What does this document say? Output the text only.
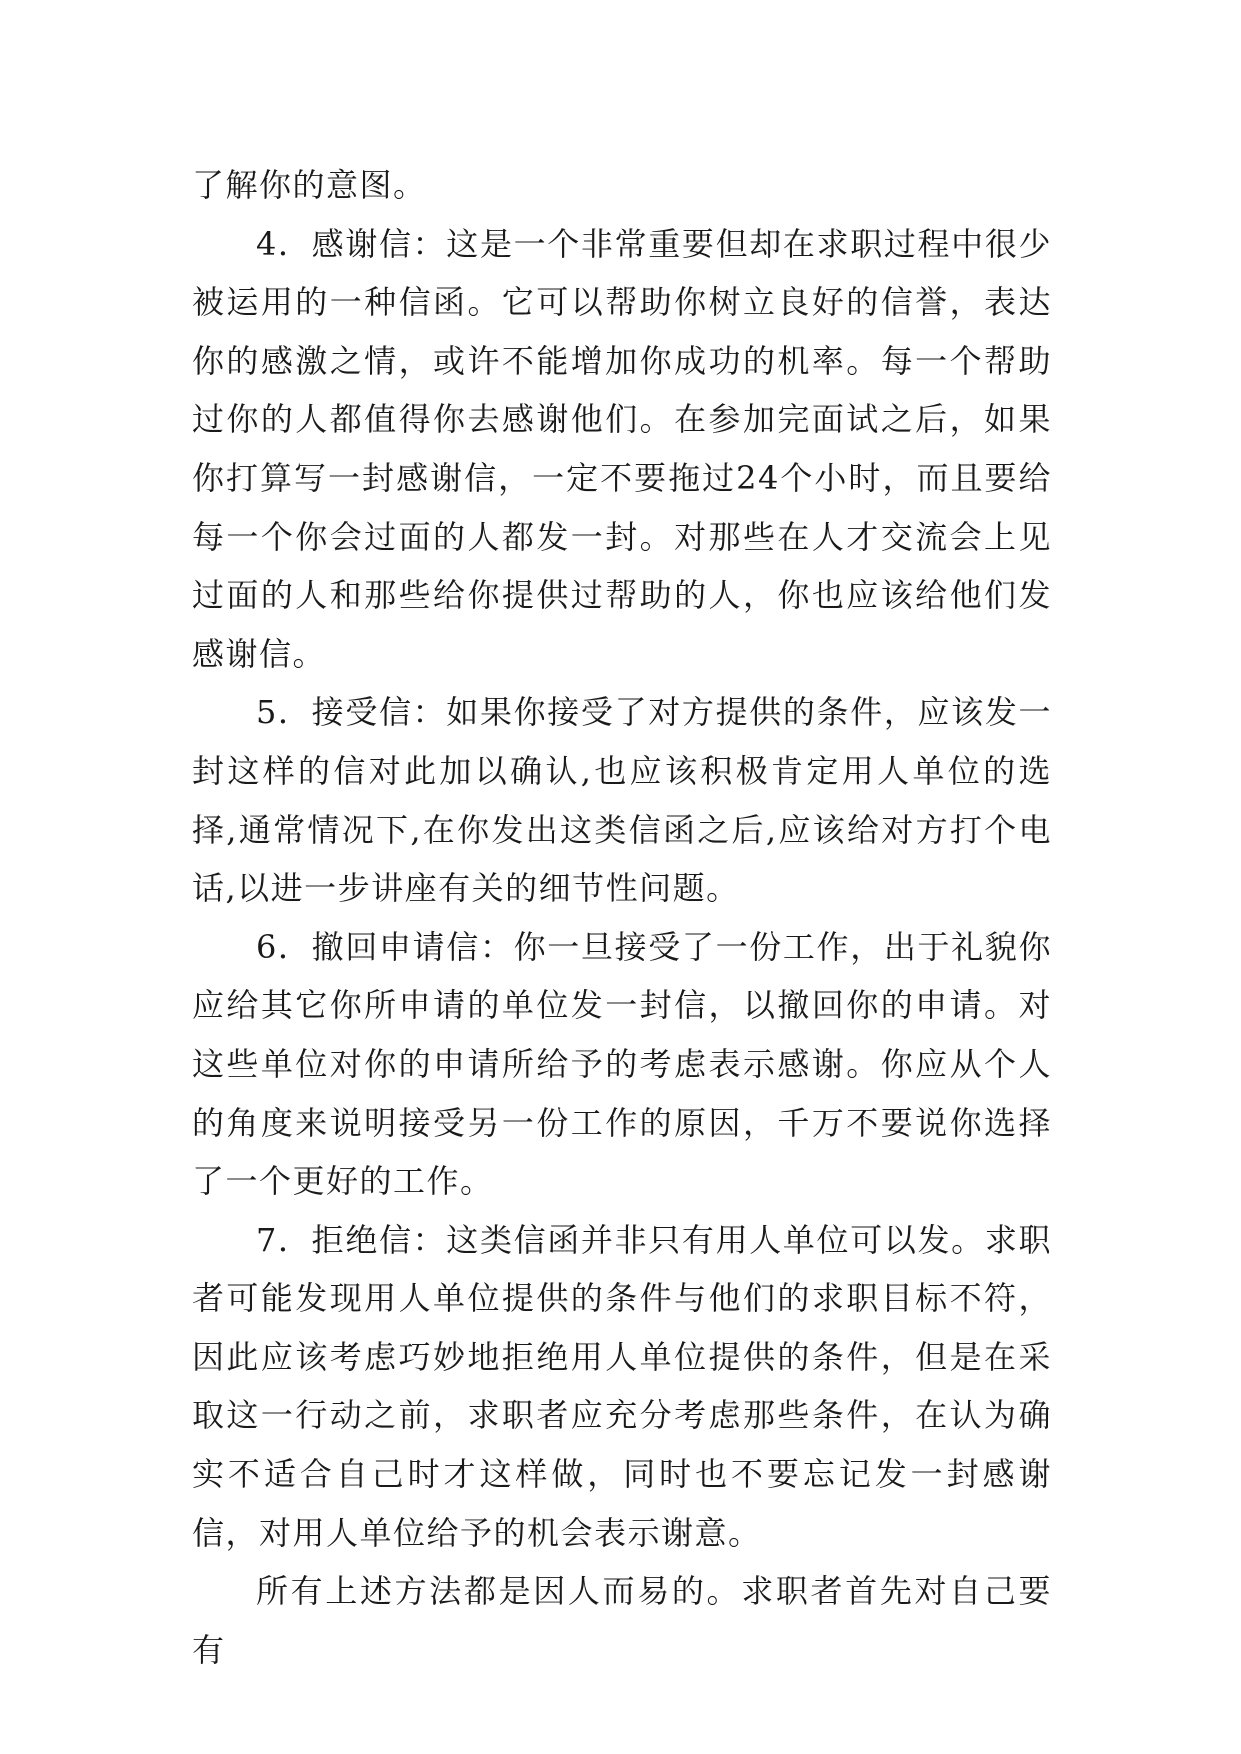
了解你的意图。

4．感谢信：这是一个非常重要但却在求职过程中很少被运用的一种信函。它可以帮助你树立良好的信誉，表达你的感激之情，或许不能增加你成功的机率。每一个帮助过你的人都值得你去感谢他们。在参加完面试之后，如果你打算写一封感谢信，一定不要拖过24个小时，而且要给每一个你会过面的人都发一封。对那些在人才交流会上见过面的人和那些给你提供过帮助的人，你也应该给他们发感谢信。

5．接受信：如果你接受了对方提供的条件，应该发一封这样的信对此加以确认,也应该积极肯定用人单位的选择,通常情况下,在你发出这类信函之后,应该给对方打个电话,以进一步讲座有关的细节性问题。

6．撤回申请信：你一旦接受了一份工作，出于礼貌你应给其它你所申请的单位发一封信，以撤回你的申请。对这些单位对你的申请所给予的考虑表示感谢。你应从个人的角度来说明接受另一份工作的原因，千万不要说你选择了一个更好的工作。

7．拒绝信：这类信函并非只有用人单位可以发。求职者可能发现用人单位提供的条件与他们的求职目标不符，因此应该考虑巧妙地拒绝用人单位提供的条件，但是在采取这一行动之前，求职者应充分考虑那些条件，在认为确实不适合自己时才这样做，同时也不要忘记发一封感谢信，对用人单位给予的机会表示谢意。

所有上述方法都是因人而易的。求职者首先对自己要有
